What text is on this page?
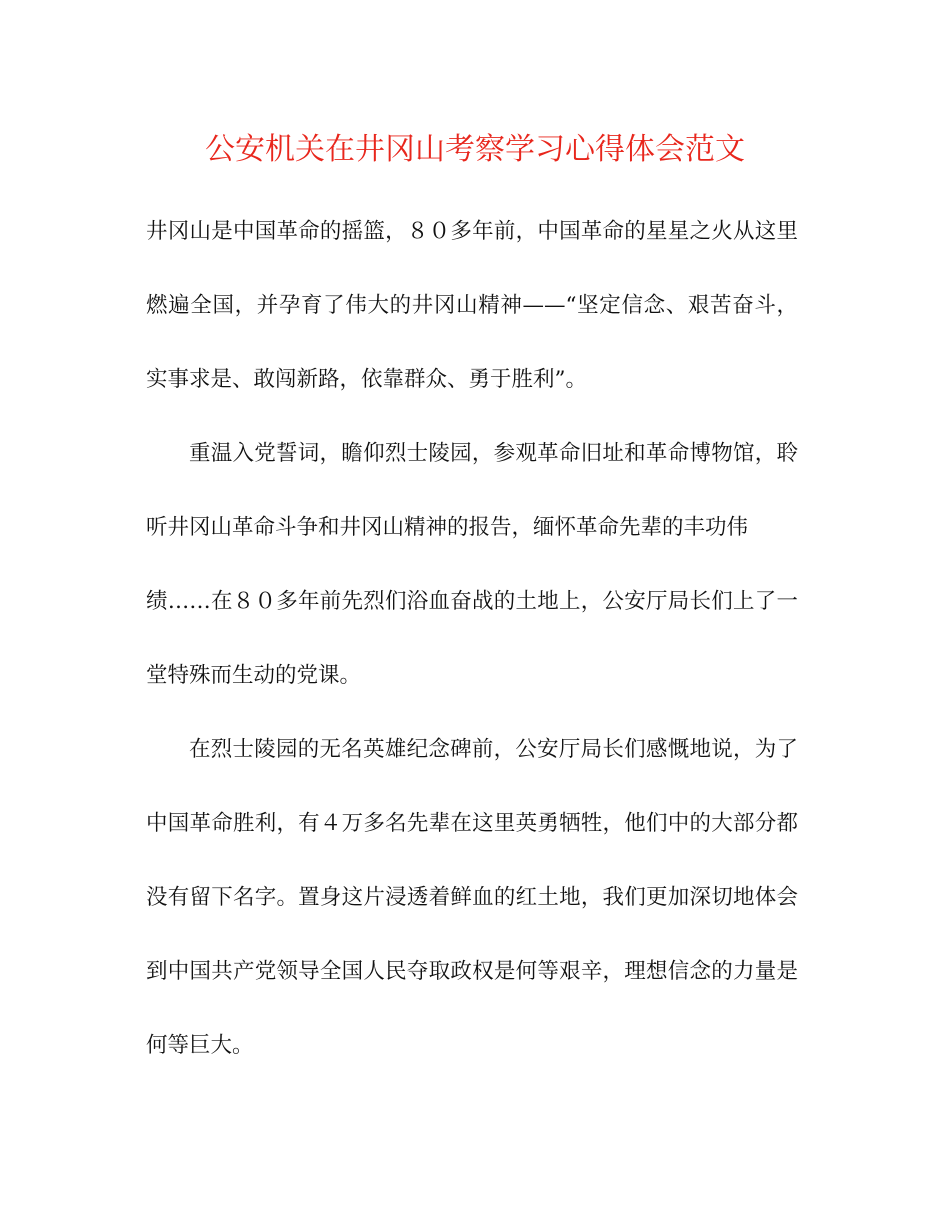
公安机关在井冈山考察学习心得体会范文

井冈山是中国革命的摇篮，８０多年前，中国革命的星星之火从这里

燃遍全国，并孕育了伟大的井冈山精神——“坚定信念、艰苦奋斗，

实事求是、敢闯新路，依靠群众、勇于胜利”。

重温入党誓词，瞻仰烈士陵园，参观革命旧址和革命博物馆，聆

听井冈山革命斗争和井冈山精神的报告，缅怀革命先辈的丰功伟

绩……在８０多年前先烈们浴血奋战的土地上，公安厅局长们上了一

堂特殊而生动的党课。

在烈士陵园的无名英雄纪念碑前，公安厅局长们感慨地说，为了

中国革命胜利，有４万多名先辈在这里英勇牺牲，他们中的大部分都

没有留下名字。置身这片浸透着鲜血的红土地，我们更加深切地体会

到中国共产党领导全国人民夺取政权是何等艰辛，理想信念的力量是

何等巨大。
